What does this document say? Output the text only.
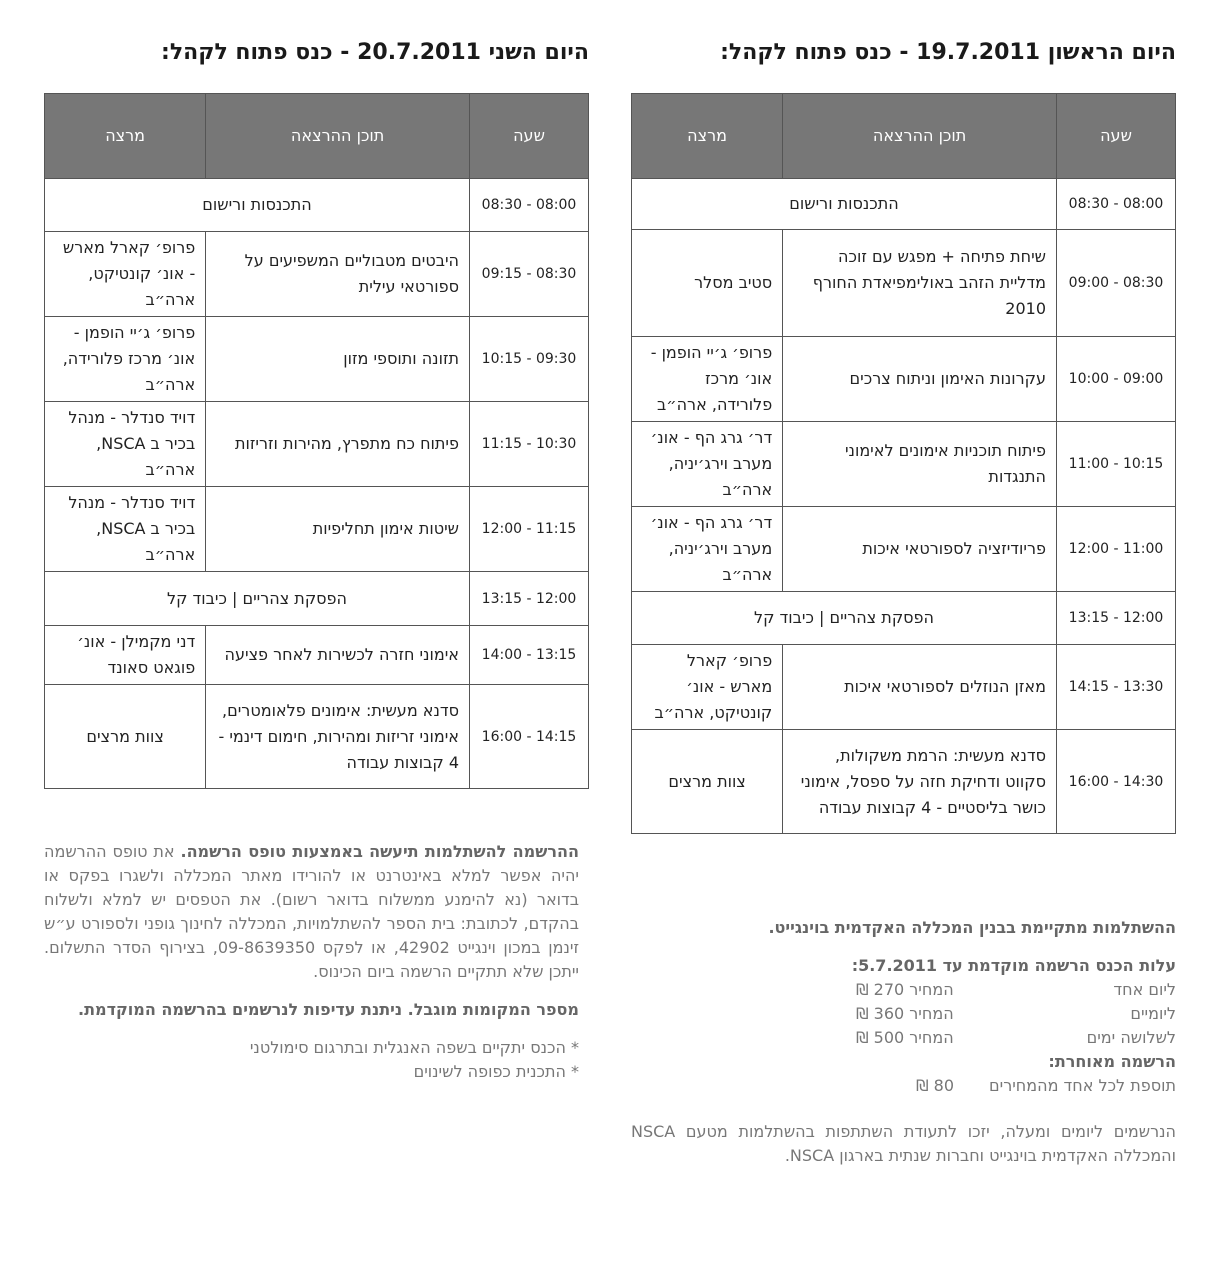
היום הראשון 19.7.2011 - כנס פתוח לקהל:
שעה	תוכן ההרצאה	מרצה
08:00 - 08:30	התכנסות ורישום	
08:30 - 09:00	שיחת פתיחה + מפגש עם זוכה מדליית הזהב באולימפיאדת החורף 2010	סטיב מסלר
09:00 - 10:00	עקרונות האימון וניתוח צרכים	פרופ׳ ג׳יי הופמן - אונ׳ מרכז פלורידה, ארה״ב
10:15 - 11:00	פיתוח תוכניות אימונים לאימוני התנגדות	דר׳ גרג הף - אונ׳ מערב וירג׳יניה, ארה״ב
11:00 - 12:00	פריודיזציה לספורטאי איכות	דר׳ גרג הף - אונ׳ מערב וירג׳יניה, ארה״ב
12:00 - 13:15	הפסקת צהריים | כיבוד קל	
13:30 - 14:15	מאזן הנוזלים לספורטאי איכות	פרופ׳ קארל מארש - אונ׳ קונטיקט, ארה״ב
14:30 - 16:00	סדנא מעשית: הרמת משקולות, סקווט ודחיקת חזה על ספסל, אימוני כושר בליסטיים - 4 קבוצות עבודה	צוות מרצים
היום השני 20.7.2011 - כנס פתוח לקהל:
שעה	תוכן ההרצאה	מרצה
08:00 - 08:30	התכנסות ורישום	
08:30 - 09:15	היבטים מטבוליים המשפיעים על ספורטאי עילית	פרופ׳ קארל מארש - אונ׳ קונטיקט, ארה״ב
09:30 - 10:15	תזונה ותוספי מזון	פרופ׳ ג׳יי הופמן - אונ׳ מרכז פלורידה, ארה״ב
10:30 - 11:15	פיתוח כח מתפרץ, מהירות וזריזות	דויד סנדלר - מנהל בכיר ב NSCA, ארה״ב
11:15 - 12:00	שיטות אימון תחליפיות	דויד סנדלר - מנהל בכיר ב NSCA, ארה״ב
12:00 - 13:15	הפסקת צהריים | כיבוד קל	
13:15 - 14:00	אימוני חזרה לכשירות לאחר פציעה	דני מקמילן - אונ׳ פוגאט סאונד
14:15 - 16:00	סדנא מעשית: אימונים פלאומטרים, אימוני זריזות ומהירות, חימום דינמי - 4 קבוצות עבודה	צוות מרצים
ההרשמה להשתלמות תיעשה באמצעות טופס הרשמה. את טופס ההרשמה יהיה אפשר למלא באינטרנט או להורידו מאתר המכללה ולשגרו בפקס או בדואר (נא להימנע ממשלוח בדואר רשום). את הטפסים יש למלא ולשלוח בהקדם, לכתובת: בית הספר להשתלמויות, המכללה לחינוך גופני ולספורט ע״ש זינמן במכון וינגייט 42902, או לפקס 09-8639350, בצירוף הסדר התשלום. ייתכן שלא תתקיים הרשמה ביום הכינוס.
מספר המקומות מוגבל. ניתנת עדיפות לנרשמים בהרשמה המוקדמת.
* הכנס יתקיים בשפה האנגלית ובתרגום סימולטני
* התכנית כפופה לשינוים
ההשתלמות מתקיימת בבנין המכללה האקדמית בוינגייט.
עלות הכנס הרשמה מוקדמת עד 5.7.2011:
ליום אחד
המחיר 270 ₪
ליומיים
המחיר 360 ₪
לשלושה ימים
המחיר 500 ₪
הרשמה מאוחרת:
תוספת לכל אחד מהמחירים
80 ₪
הנרשמים ליומים ומעלה, יזכו לתעודת השתתפות בהשתלמות מטעם NSCA והמכללה האקדמית בוינגייט וחברות שנתית בארגון NSCA.
